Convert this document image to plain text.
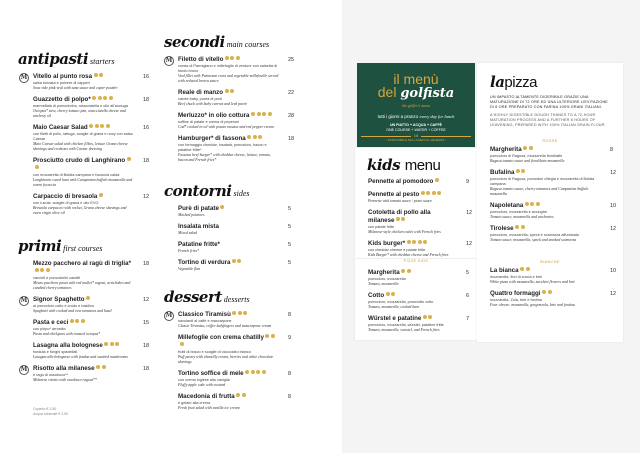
antipasti starters
M Vitello al punto rosa	16
salsa tonnata e polvere di capperi
Sous vide pink veal with tuna sauce and caper powder
Guazzetto di polpo*	18
marmellata di pomodorino, stracciatella e olio all'acciuga
Octopus* stew, cherry tomato jam, stracciatella cheese and anchovy oil
Maio Caesar Salad	16
con filetti di pollo, lattuga, scaglie di grana e nocy con salsa Caesar
Maio Caesar salad with chicken fillets, lettuce Grana cheese shavings and croûtons with Caesar dressing
Prosciutto crudo di Langhirano	18
con mozzarella di Bufala campana e focaccia calda
Langhirano cured ham with Campanian buffalo mozzarella and warm focaccia
Carpaccio di bresaola	12
con rucola, scaglie di grana e olio EVO
Bresaola carpaccio with rocket, Grana cheese shavings and extra virgin olive oil
primi first courses
Mezzo pacchero al ragù di triglia*	18
carciofi e pomodorini canditi
Mezzo pacchero pasta with red mullet* ragout, artichokes and candied cherry tomatoes
M Signor Spaghetto	12
al pomodoro cotto e crudo e basilico
Spaghetti with cooked and raw tomatoes and basil
Pasta e ceci	15
con polpo* arrostito
Pasta and chickpeas with roasted octopus*
Lasagna alla bolognese	18
fonduta e funghi spadellati
Lasagna alla bolognese with fondue and sautéed mushrooms
M Risotto alla milanese	18
e ragù di ossobuco**
Milanese risotto with ossobuco ragout**
Coperto € 2,50
Acqua minerale € 2,50
secondi main courses
M Filetto di vitello	25
crosta di Parmigiano e millefoglie di verdure con salsetta di fondo bruno
Veal fillet with Parmesan crust and vegetable millefeuille served with reduced brown sauce
Reale di manzo	22
carote baby, purea di porri
Beef chuck with baby carrots and leek purée
Merluzzo* in olio cottura	28
soffice di patate e crema di peperoni
Cod* cooked in oil with potato mousse and red pepper cream
Hamburger* di fassona	18
con formaggio cheddar, insalata, pomodoro, bacon e patatine fritte*
Fassona beef burger* with cheddar cheese, lettuce, tomato, bacon and French fries*
contorni sides
Purè di patate	5
Mashed potatoes
Insalata mista	5
Mixed salad
Patatine fritte*	5
French fries*
Tortino di verdura	5
Vegetable flan
dessert desserts
M Classico Tiramisù	8
savoiardi al caffè e mascarpone
Classic Tiramisu, coffee ladyfingers and mascarpone cream
Millefoglie con crema chatilly	9
frutti di bosco e scaglie di cioccolato bianco
Puff pastry with chantilly cream, berries and white chocolate shavings
Tortino soffice di mele	8
con crema inglese alla vaniglia
Fluffy apple cake with custard
Macedonia di frutta	8
e gelato alla crema
Fresh fruit salad with vanilla ice cream
il menù
del golfista
the golfer's menu
tutti i giorni a pranzo every day for lunch
UN PIATTO + ACQUA + CAFFÈ
ONE COURSE + WATER + COFFEE
• DISPONIBILE DAL LUNEDÌ AL VENERDÌ •
18
kids menu
Pennette al pomodoro	9
Pennette al pesto
Pennette with tomato sauce / pesto sauce
Cotoletta di pollo alla milanese
12
con patate fritte
Milanese-style chicken cutlet with French fries
Kids burger*	12
con cheddar cheese e patate fritte
Kids Burger* with cheddar cheese and French fries
PIZZE KIDS
Margherita	5
pomodoro, mozzarella
Tomato, mozzarella
Cotto	6
pomodoro, mozzarella, prosciutto cotto
Tomato, mozzarella, cooked ham
Würstel e patatine	7
pomodoro, mozzarella, würstel, patatine fritte
Tomato, mozzarella, wurstel, and French fries
lapizza
UN IMPASTO ALTAMENTE DIGERIBILE GRAZIE UNA MATURAZIONE DI 72 ORE ED UNA ULTERIORE LIEVITAZIONE DI 6 ORE PREPARATO CON FARINA 100% GRANI ITALIANI.
A HIGHLY DIGESTIBLE DOUGH THANKS TO A 72-HOUR MATURATION PROCESS AND A FURTHER 6 HOURS OF LEAVENING, PREPARED WITH 100% ITALIAN GRAIN FLOUR.
ROSSE
Margherita	8
pomodoro di Ragusa, mozzarella fiordilatte
Ragusa tomato sauce and fiordilatte mozzarella
Bufalina	12
pomodoro di Ragusa, pomodori ciliegia e mozzarella di Bufala campana
Ragusa tomato sauce, cherry tomatoes and Campanian buffalo mozzarella
Napoletana	10
pomodoro, mozzarella e acciughe
Tomato sauce, mozzarella and anchovies
Tirolese	12
pomodoro, mozzarella, speck e scamorza affumicata
Tomato sauce, mozzarella, speck and smoked scamorza
BIANCHE
La bianca	10
mozzarella, fiori di zucca e brie
White pizza with mozzarella, zucchini flowers and brie
Quattro formaggi	12
mozzarella, Zola, brie e fontina
Four cheese: mozzarella, gorgonzola, brie and fontina
